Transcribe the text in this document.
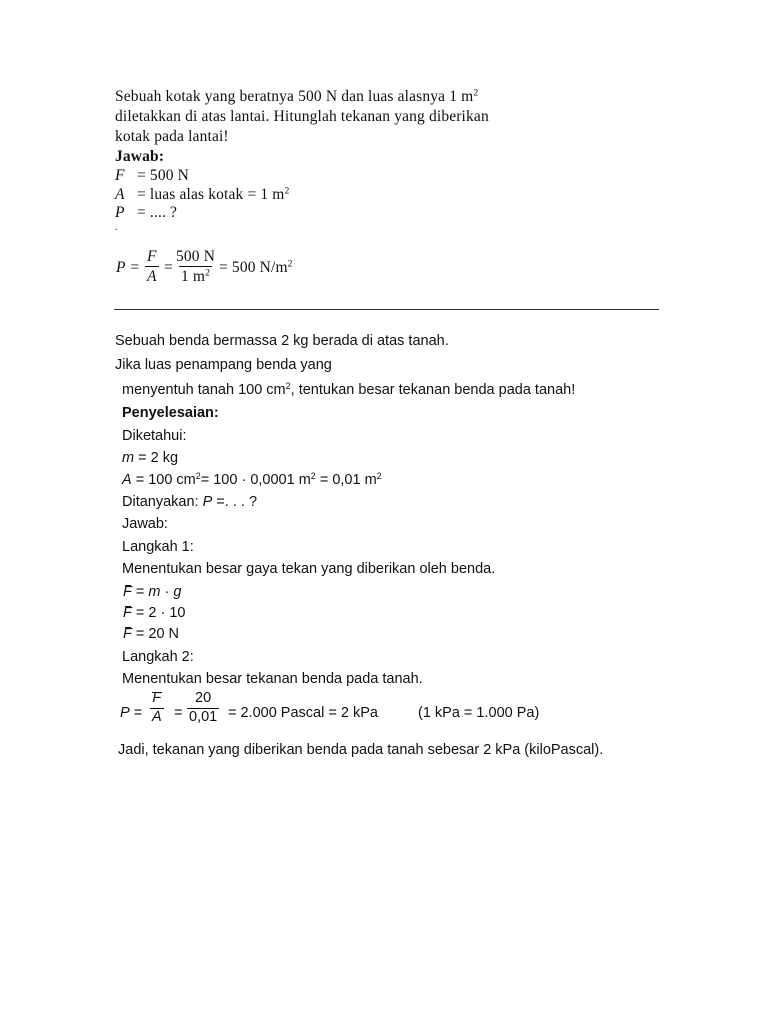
Sebuah kotak yang beratnya 500 N dan luas alasnya 1 $m^2$
diletakkan di atas lantai. Hitunglah tekanan yang diberikan
kotak pada lantai!
Jawab:
F = 500 N
A = luas alas kotak = 1 $m^2$
P = .... ?
.
$P = \frac{F}{A} = \frac{500 N}{1 m^2} = 500$ $N/m^2$
Sebuah benda bermassa 2 kg berada di atas tanah.
Jika luas penampang benda yang
menyentuh tanah 100 $cm^2$, tentukan besar tekanan benda pada tanah!
Penyelesaian:
Diketahui:
m = 2 kg
A = 100 $cm^2= 100 \cdot 0,0001$ $m^2 = 0,01$ $m^2$
Ditanyakan: P =. . . ?
Jawab:
Langkah 1:
Menentukan besar gaya tekan yang diberikan oleh benda.
F = m · g
F = 2 · 10
F = 20 N
Langkah 2:
Menentukan besar tekanan benda pada tanah.
$P = \frac{F}{A} = \frac{20}{0,01} = 2.000$ Pascal = 2 kPa	(1 kPa = 1.000 Pa)
Jadi, tekanan yang diberikan benda pada tanah sebesar 2 kPa (kiloPascal).
